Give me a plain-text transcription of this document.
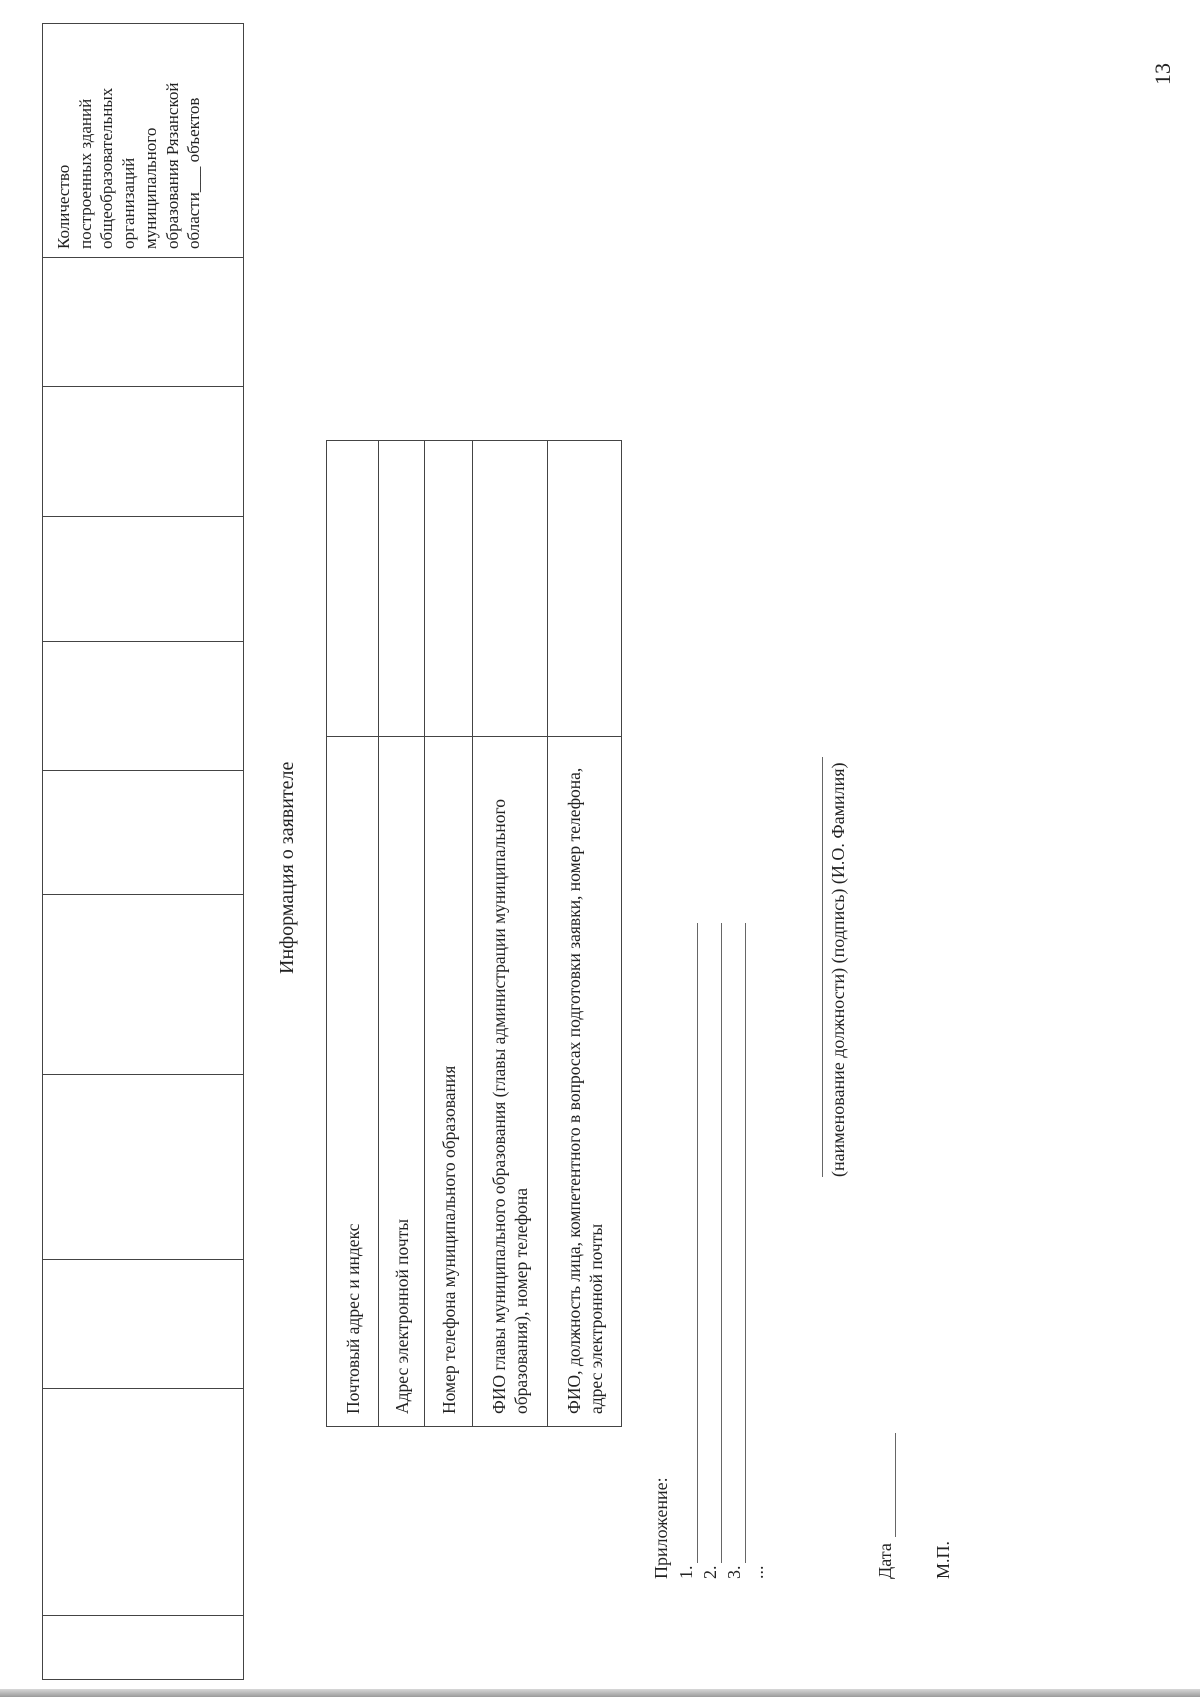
Количество построенных зданий общеобразовательных организаций муниципального образования Рязанской области___ объектов
Информация о заявителе
Почтовый адрес и индекс	
Адрес электронной почты	
Номер телефона муниципального образования	
ФИО главы муниципального образования (главы администрации муниципального образования), номер телефона	
ФИО, должность лица, компетентного в вопросах подготовки заявки, номер телефона, адрес электронной почты	
Приложение: 1. 2. 3. ...
(наименование должности) (подпись) (И.О. Фамилия)
Дата М.П.
13
